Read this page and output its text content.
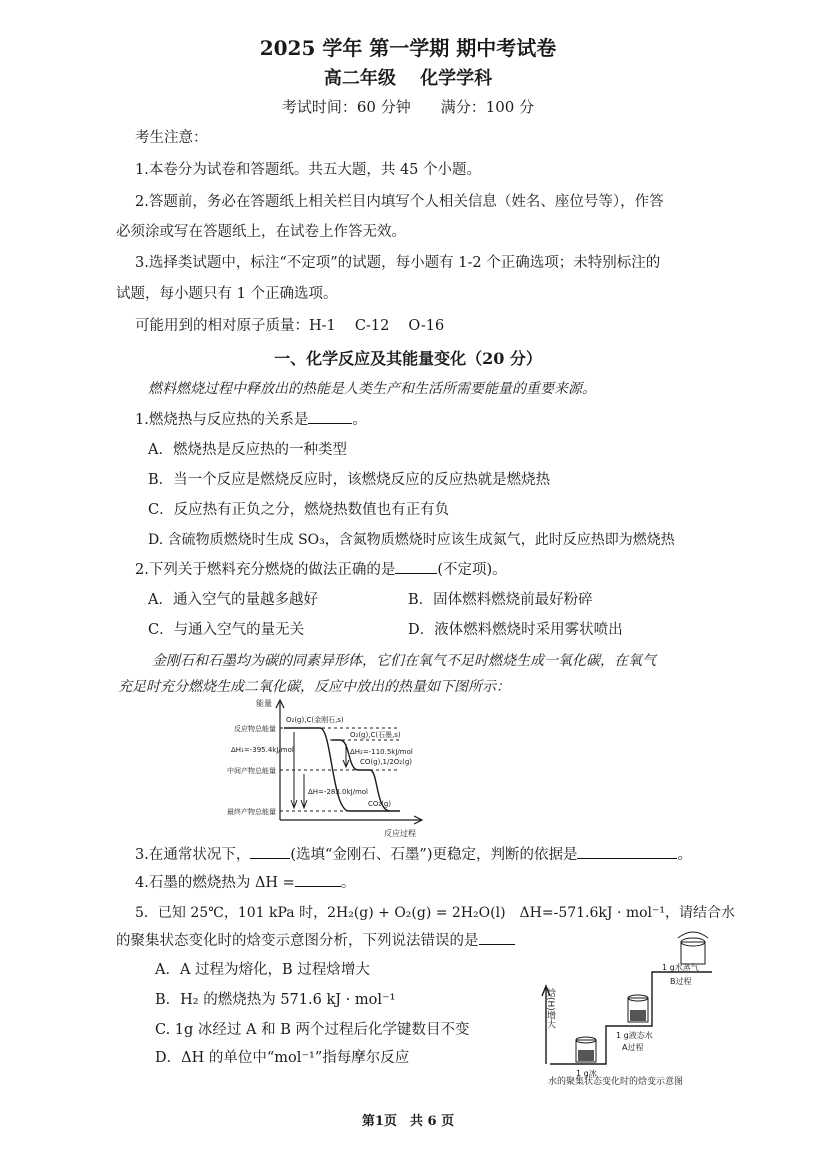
2025 学年 第一学期 期中考试卷
高二年级　 化学学科
考试时间：60 分钟　　满分：100 分
考生注意：
1.本卷分为试卷和答题纸。共五大题，共 45 个小题。
2.答题前，务必在答题纸上相关栏目内填写个人相关信息（姓名、座位号等），作答
必须涂或写在答题纸上，在试卷上作答无效。
3.选择类试题中，标注“不定项”的试题，每小题有 1-2 个正确选项；未特别标注的
试题，每小题只有 1 个正确选项。
可能用到的相对原子质量：H-1　 C-12　 O-16
一、化学反应及其能量变化（20 分）
燃料燃烧过程中释放出的热能是人类生产和生活所需要能量的重要来源。
1.燃烧热与反应热的关系是	。
A．燃烧热是反应热的一种类型
B．当一个反应是燃烧反应时，该燃烧反应的反应热就是燃烧热
C．反应热有正负之分，燃烧热数值也有正有负
D. 含硫物质燃烧时生成 SO₃，含氮物质燃烧时应该生成氮气，此时反应热即为燃烧热
2.下列关于燃料充分燃烧的做法正确的是	(不定项)。
A．通入空气的量越多越好	B．固体燃料燃烧前最好粉碎
C．与通入空气的量无关	D．液体燃料燃烧时采用雾状喷出
金刚石和石墨均为碳的同素异形体，它们在氧气不足时燃烧生成一氧化碳，在氧气
充足时充分燃烧生成二氧化碳，反应中放出的热量如下图所示：
能量
反应过程
反应物总能量
中间产物总能量
最终产物总能量
O₂(g),C(金刚石,s)
O₂(g),C(石墨,s)
CO(g),1/2O₂(g)
CO₂(g)
ΔH₁=-395.4kJ/mol	ΔH₂=-110.5kJ/mol
ΔH=-283.0kJ/mol
3.在通常状况下，	(选填“金刚石、石墨”)更稳定，判断的依据是	。
4.石墨的燃烧热为 ΔH =	。
5．已知 25℃，101 kPa 时，2H₂(g) + O₂(g) = 2H₂O(l)　ΔH=-571.6kJ · mol⁻¹，请结合水
的聚集状态变化时的焓变示意图分析，下列说法错误的是
A．A 过程为熔化，B 过程焓增大
B．H₂ 的燃烧热为 571.6 kJ · mol⁻¹
C. 1g 冰经过 A 和 B 两个过程后化学键数目不变
D．ΔH 的单位中“mol⁻¹”指每摩尔反应
焓(H)增大
1 g冰
1 g液态水
1 g水蒸气
A过程
B过程
水的聚集状态变化时的焓变示意图
第1页　共 6 页
